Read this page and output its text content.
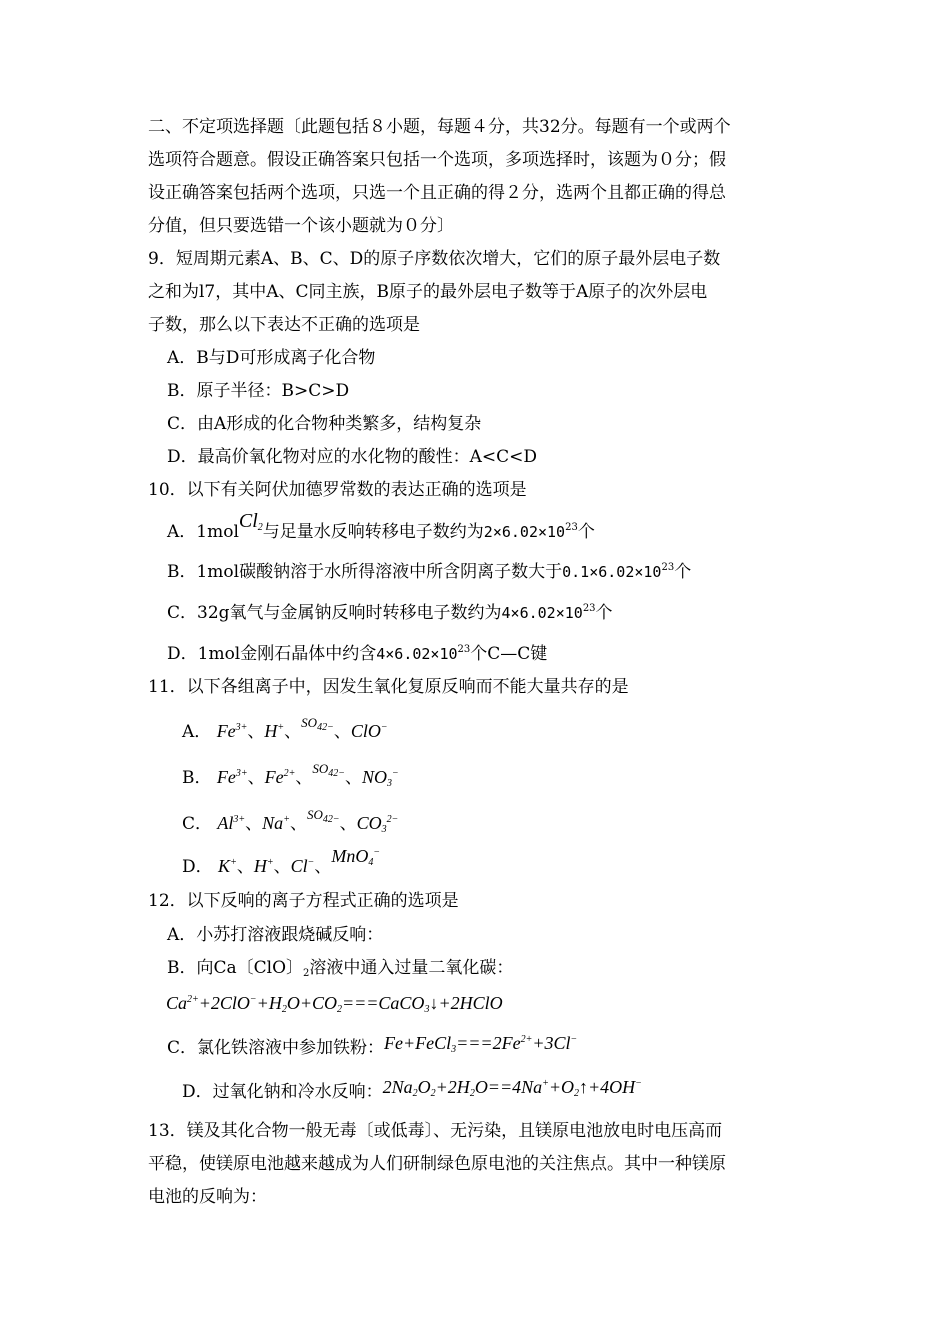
二、不定项选择题〔此题包括８小题，每题４分，共32分。每题有一个或两个
选项符合题意。假设正确答案只包括一个选项，多项选择时，该题为０分；假
设正确答案包括两个选项，只选一个且正确的得２分，选两个且都正确的得总
分值，但只要选错一个该小题就为０分〕
9．短周期元素A、B、C、D的原子序数依次增大，它们的原子最外层电子数
之和为l7，其中A、C同主族，B原子的最外层电子数等于A原子的次外层电
子数，那么以下表达不正确的选项是
A．B与D可形成离子化合物
B．原子半径：B>C>D
C．由A形成的化合物种类繁多，结构复杂
D．最高价氧化物对应的水化物的酸性：A<C<D
10．以下有关阿伏加德罗常数的表达正确的选项是
A．1molCl$_2$与足量水反响转移电子数约为$2\times 6.02\times 10^{23}$个
B．1mol碳酸钠溶于水所得溶液中所含阴离子数大于$0.1\times 6.02\times 10^{23}$个
C．32g氧气与金属钠反响时转移电子数约为$4\times 6.02\times 10^{23}$个
D．1mol金刚石晶体中约含$4\times 6.02\times 10^{23}$个C—C键
11．以下各组离子中，因发生氧化复原反响而不能大量共存的是
A． $Fe^{3+}$、H+、$^{SO_{42-}}$、ClO−
B． $Fe^{3+}$、$Fe^{2+}$、$^{SO_{42-}}$、$NO_3^-$
C． $Al^{3+}$、Na+、$^{SO_{42-}}$、$CO_3^{2-}$
D． K+、H+、Cl−、MnO$_4$−
12．以下反响的离子方程式正确的选项是
A．小苏打溶液跟烧碱反响：
B．向Ca〔ClO〕$_2$溶液中通入过量二氧化碳：
$Ca^{2+}+2ClO^-+H_2O+CO_2===CaCO_3↓+2HClO$
C．氯化铁溶液中参加铁粉：$Fe+FeCl_3===2Fe^{2+}+3Cl^-$
D．过氧化钠和冷水反响：$2Na_2O_2+2H_2O==4Na^++O_2↑+4OH^-$
13．镁及其化合物一般无毒〔或低毒〕、无污染，且镁原电池放电时电压高而
平稳，使镁原电池越来越成为人们研制绿色原电池的关注焦点。其中一种镁原
电池的反响为：
